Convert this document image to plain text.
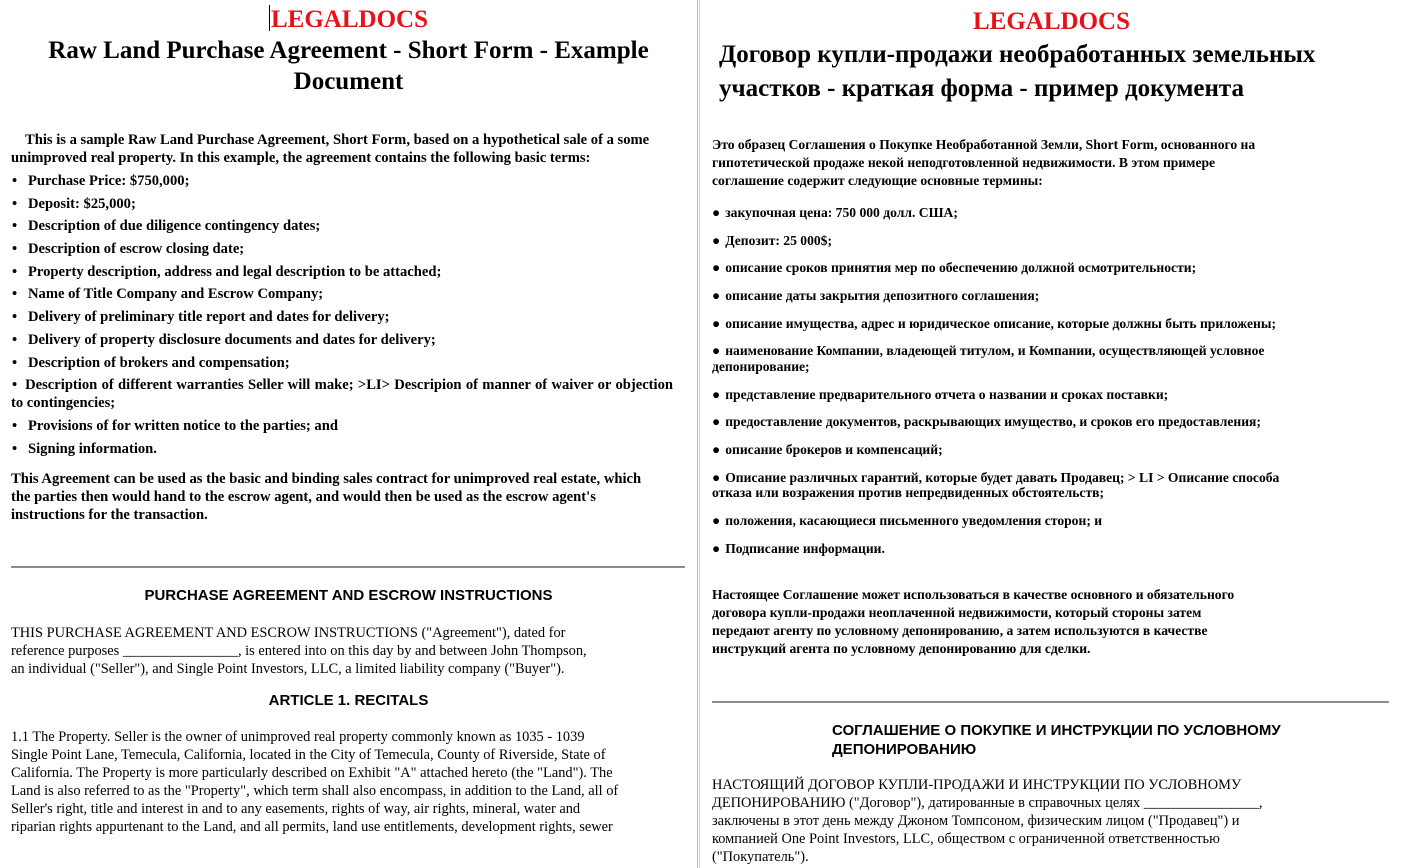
LEGALDOCS

Raw Land Purchase Agreement - Short Form - Example

Document

This is a sample Raw Land Purchase Agreement, Short Form, based on a hypothetical sale of a some unimproved real property. In this example, the agreement contains the following basic terms:

• Purchase Price: $750,000;
• Deposit: $25,000;
• Description of due diligence contingency dates;
• Description of escrow closing date;
• Property description, address and legal description to be attached;
• Name of Title Company and Escrow Company;
• Delivery of preliminary title report and dates for delivery;
• Delivery of property disclosure documents and dates for delivery;
• Description of brokers and compensation;
• Description of different warranties Seller will make; >LI> Descripion of manner of waiver or objection to contingencies;
• Provisions of for written notice to the parties; and
• Signing information.

This Agreement can be used as the basic and binding sales contract for unimproved real estate, which the parties then would hand to the escrow agent, and would then be used as the escrow agent's instructions for the transaction.

PURCHASE AGREEMENT AND ESCROW INSTRUCTIONS

THIS PURCHASE AGREEMENT AND ESCROW INSTRUCTIONS ("Agreement"), dated for

reference purposes ________________, is entered into on this day by and between John Thompson,

an individual ("Seller"), and Single Point Investors, LLC, a limited liability company ("Buyer").

ARTICLE 1. RECITALS

1.1 The Property. Seller is the owner of unimproved real property commonly known as 1035 - 1039

Single Point Lane, Temecula, California, located in the City of Temecula, County of Riverside, State of

California. The Property is more particularly described on Exhibit "A" attached hereto (the "Land"). The

Land is also referred to as the "Property", which term shall also encompass, in addition to the Land, all of

Seller's right, title and interest in and to any easements, rights of way, air rights, mineral, water and

riparian rights appurtenant to the Land, and all permits, land use entitlements, development rights, sewer

LEGALDOCS

Договор купли-продажи необработанных земельных

участков - краткая форма - пример документа

Это образец Соглашения о Покупке Необработанной Земли, Short Form, основанного на
гипотетической продаже некой неподготовленной недвижимости. В этом примере
соглашение содержит следующие основные термины:
● закупочная цена: 750 000 долл. США;
● Депозит: 25 000$;
● описание сроков принятия мер по обеспечению должной осмотрительности;
● описание даты закрытия депозитного соглашения;
● описание имущества, адрес и юридическое описание, которые должны быть приложены;
● наименование Компании, владеющей титулом, и Компании, осуществляющей условное депонирование;
● представление предварительного отчета о названии и сроках поставки;
● предоставление документов, раскрывающих имущество, и сроков его предоставления;
● описание брокеров и компенсаций;
● Описание различных гарантий, которые будет давать Продавец; > LI > Описание способа отказа или возражения против непредвиденных обстоятельств;
● положения, касающиеся письменного уведомления сторон; и
● Подписание информации.
Настоящее Соглашение может использоваться в качестве основного и обязательного
договора купли-продажи неоплаченной недвижимости, который стороны затем
передают агенту по условному депонированию, а затем используются в качестве
инструкций агента по условному депонированию для сделки.
СОГЛАШЕНИЕ О ПОКУПКЕ И ИНСТРУКЦИИ ПО УСЛОВНОМУ
ДЕПОНИРОВАНИЮ
НАСТОЯЩИЙ ДОГОВОР КУПЛИ-ПРОДАЖИ И ИНСТРУКЦИИ ПО УСЛОВНОМУ
ДЕПОНИРОВАНИЮ ("Договор"), датированные в справочных целях ________________,
заключены в этот день между Джоном Томпсоном, физическим лицом ("Продавец") и
компанией One Point Investors, LLC, обществом с ограниченной ответственностью
("Покупатель").
